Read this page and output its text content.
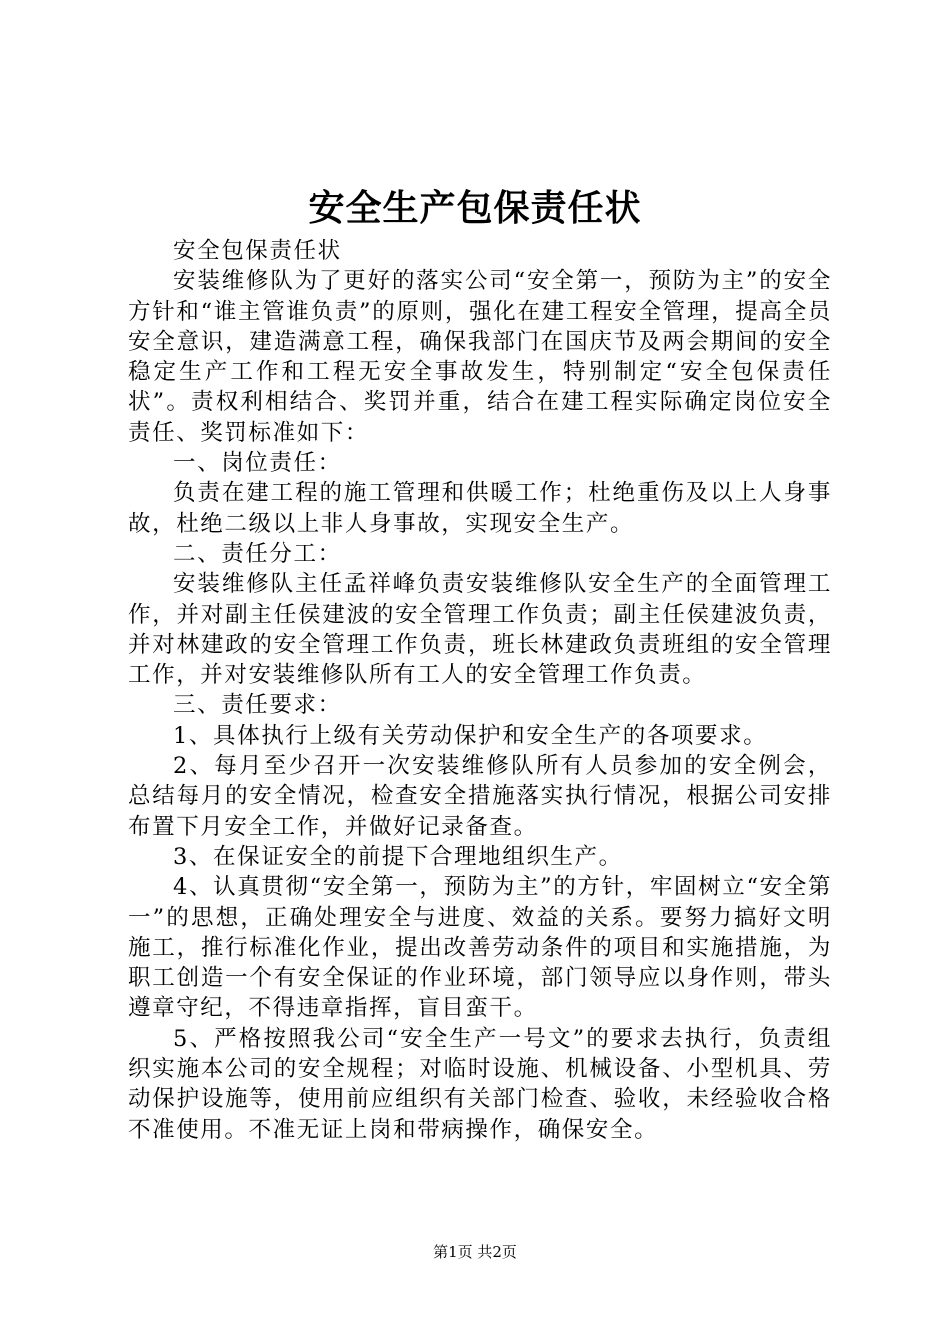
安全生产包保责任状

安全包保责任状

安装维修队为了更好的落实公司“安全第一，预防为主”的安全方针和“谁主管谁负责”的原则，强化在建工程安全管理，提高全员安全意识，建造满意工程，确保我部门在国庆节及两会期间的安全稳定生产工作和工程无安全事故发生，特别制定“安全包保责任状”。责权利相结合、奖罚并重，结合在建工程实际确定岗位安全责任、奖罚标准如下：

一、岗位责任：

负责在建工程的施工管理和供暖工作；杜绝重伤及以上人身事故，杜绝二级以上非人身事故，实现安全生产。

二、责任分工：

安装维修队主任孟祥峰负责安装维修队安全生产的全面管理工作，并对副主任侯建波的安全管理工作负责；副主任侯建波负责，并对林建政的安全管理工作负责，班长林建政负责班组的安全管理工作，并对安装维修队所有工人的安全管理工作负责。

三、责任要求：

1、具体执行上级有关劳动保护和安全生产的各项要求。

2、每月至少召开一次安装维修队所有人员参加的安全例会，总结每月的安全情况，检查安全措施落实执行情况，根据公司安排布置下月安全工作，并做好记录备查。

3、在保证安全的前提下合理地组织生产。

4、认真贯彻“安全第一，预防为主”的方针，牢固树立“安全第一”的思想，正确处理安全与进度、效益的关系。要努力搞好文明施工，推行标准化作业，提出改善劳动条件的项目和实施措施，为职工创造一个有安全保证的作业环境，部门领导应以身作则，带头遵章守纪，不得违章指挥，盲目蛮干。

5、严格按照我公司“安全生产一号文”的要求去执行，负责组织实施本公司的安全规程；对临时设施、机械设备、小型机具、劳动保护设施等，使用前应组织有关部门检查、验收，未经验收合格不准使用。不准无证上岗和带病操作，确保安全。

第1页 共2页
